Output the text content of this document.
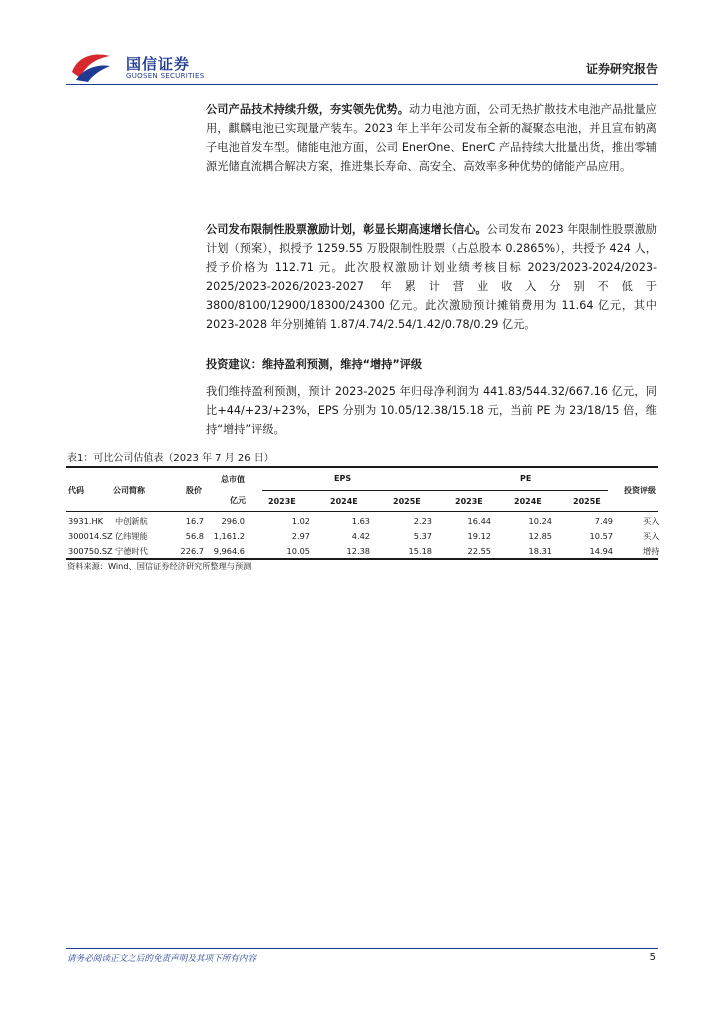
国信证券
GUOSEN SECURITIES	证券研究报告

公司产品技术持续升级，夯实领先优势。动力电池方面，公司无热扩散技术电池产品批量应用，麒麟电池已实现量产装车。2023 年上半年公司发布全新的凝聚态电池，并且宣布钠离子电池首发车型。储能电池方面，公司 EnerOne、EnerC 产品持续大批量出货，推出零辅源光储直流耦合解决方案，推进集长寿命、高安全、高效率多种优势的储能产品应用。

公司发布限制性股票激励计划，彰显长期高速增长信心。公司发布 2023 年限制性股票激励计划（预案），拟授予 1259.55 万股限制性股票（占总股本 0.2865%），共授予 424 人，授予价格为 112.71 元。此次股权激励计划业绩考核目标 2023/2023-2024/2023-2025/2023-2026/2023-2027 年累计营业收入分别不低于 3800/8100/12900/18300/24300 亿元。此次激励预计摊销费用为 11.64 亿元，其中 2023-2028 年分别摊销 1.87/4.74/2.54/1.42/0.78/0.29 亿元。

投资建议：维持盈利预测，维持“增持”评级

我们维持盈利预测，预计 2023-2025 年归母净利润为 441.83/544.32/667.16 亿元，同比+44/+23/+23%，EPS 分别为 10.05/12.38/15.18 元，当前 PE 为 23/18/15 倍，维持“增持”评级。

表1：可比公司估值表（2023 年 7 月 26 日）
代码	公司简称	股价
总市值
亿元
EPS	PE
2023E	2024E	2025E	2023E	2024E	2025E
投资评级
3931.HK 中创新航	16.7	296.0	1.02	1.63	2.23	16.44	10.24	7.49	买入
300014.SZ 亿纬锂能	56.8	1,161.2	2.97	4.42	5.37	19.12	12.85	10.57	买入
300750.SZ 宁德时代	226.7	9,964.6	10.05	12.38	15.18	22.55	18.31	14.94	增持
资料来源：Wind、国信证券经济研究所整理与预测
请务必阅读正文之后的免责声明及其项下所有内容	5
